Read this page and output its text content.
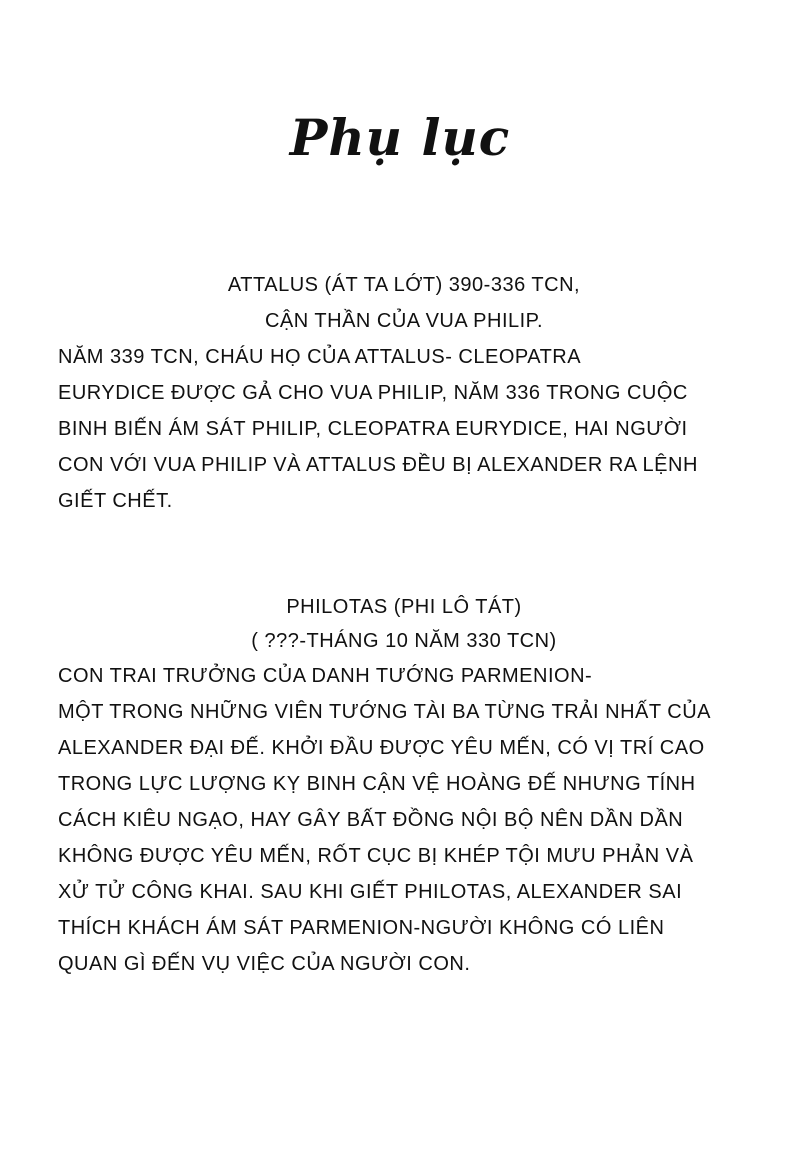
Phụ lục
ATTALUS (ÁT TA LỚT) 390-336 TCN,
CẬN THẦN CỦA VUA PHILIP.
NĂM 339 TCN, CHÁU HỌ CỦA ATTALUS- CLEOPATRA
EURYDICE ĐƯỢC GẢ CHO VUA PHILIP, NĂM 336 TRONG CUỘC
BINH BIẾN ÁM SÁT PHILIP, CLEOPATRA EURYDICE, HAI NGƯỜI
CON VỚI VUA PHILIP VÀ ATTALUS ĐỀU BỊ ALEXANDER RA LỆNH
GIẾT CHẾT.
PHILOTAS (PHI LÔ TÁT)
( ???-THÁNG 10 NĂM 330 TCN)
CON TRAI TRƯỞNG CỦA DANH TƯỚNG PARMENION-
MỘT TRONG NHỮNG VIÊN TƯỚNG TÀI BA TỪNG TRẢI NHẤT CỦA
ALEXANDER ĐẠI ĐẾ. KHỞI ĐẦU ĐƯỢC YÊU MẾN, CÓ VỊ TRÍ CAO
TRONG LỰC LƯỢNG KỴ BINH CẬN VỆ HOÀNG ĐẾ NHƯNG TÍNH
CÁCH KIÊU NGẠO, HAY GÂY BẤT ĐỒNG NỘI BỘ NÊN DẦN DẦN
KHÔNG ĐƯỢC YÊU MẾN, RỐT CỤC BỊ KHÉP TỘI MƯU PHẢN VÀ
XỬ TỬ CÔNG KHAI. SAU KHI GIẾT PHILOTAS, ALEXANDER SAI
THÍCH KHÁCH ÁM SÁT PARMENION-NGƯỜI KHÔNG CÓ LIÊN
QUAN GÌ ĐẾN VỤ VIỆC CỦA NGƯỜI CON.
